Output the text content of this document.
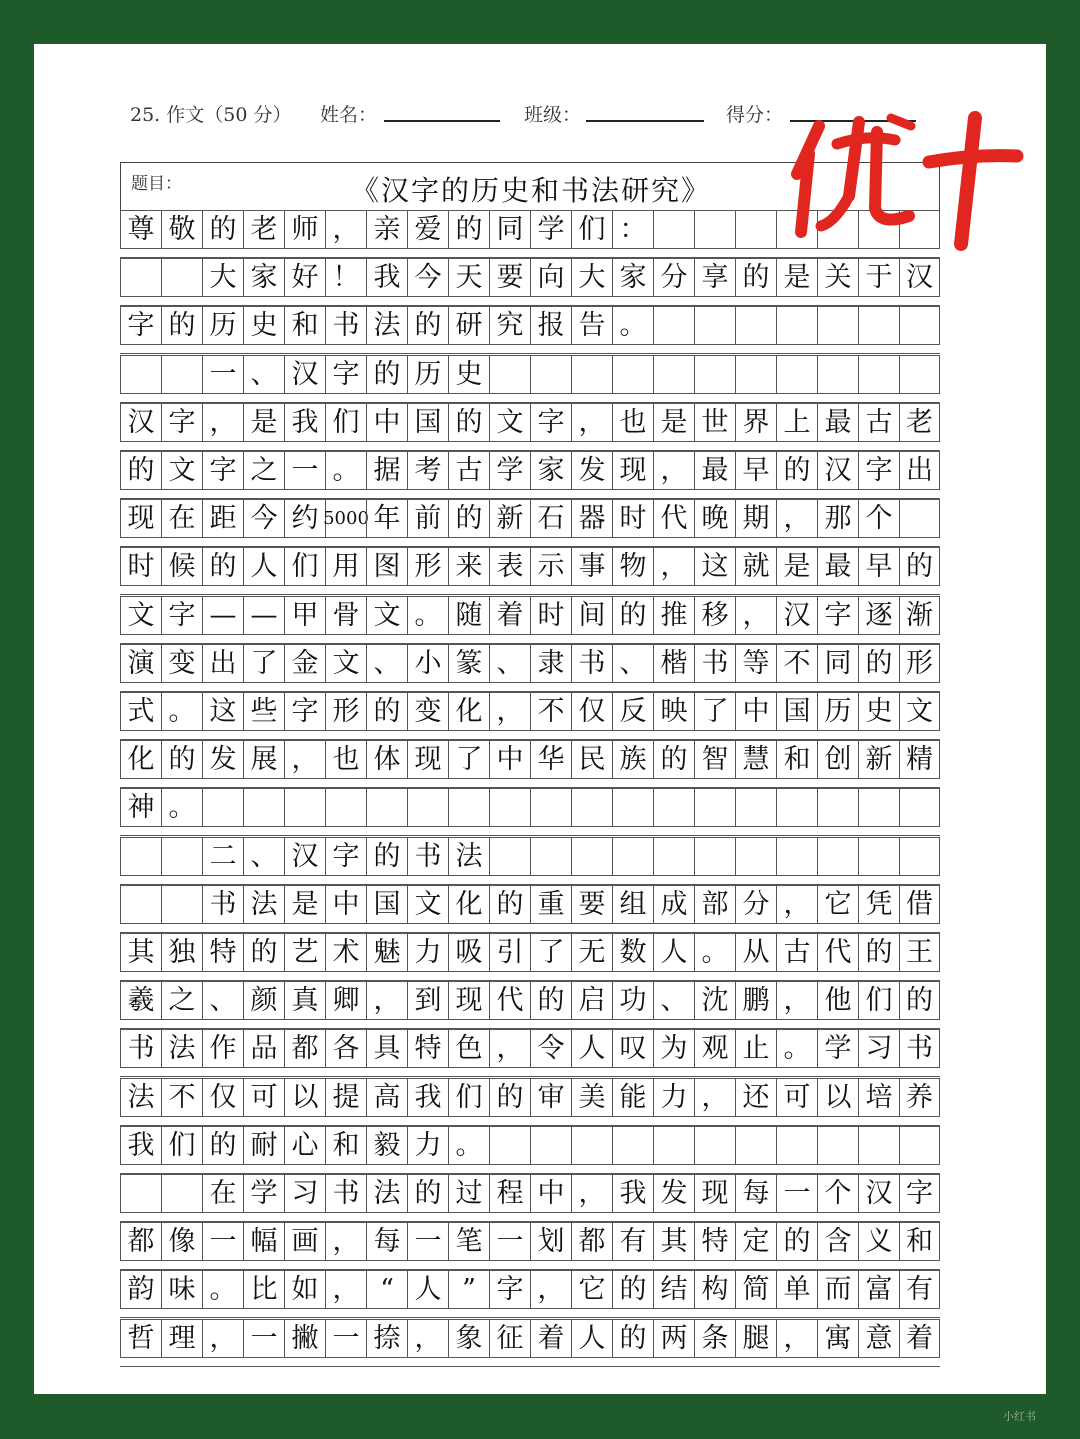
25. 作文（50 分） 姓名：	班级：	得分：
题目：	《汉字的历史和书法研究》
尊 敬 的 老 师 ， 亲 爱 的 同 学 们 ：
大 家 好 ！ 我 今 天 要 向 大 家 分 享 的 是 关 于 汉
字 的 历 史 和 书 法 的 研 究 报 告 。
一 、 汉 字 的 历 史
汉 字 ， 是 我 们 中 国 的 文 字 ， 也 是 世 界 上 最 古 老
的 文 字 之 一 。 据 考 古 学 家 发 现 ， 最 早 的 汉 字 出
现 在 距 今 约 5000 年 前 的 新 石 器 时 代 晚 期 ， 那 个
时 候 的 人 们 用 图 形 来 表 示 事 物 ， 这 就 是 最 早 的
文 字 — — 甲 骨 文 。 随 着 时 间 的 推 移 ， 汉 字 逐 渐
演 变 出 了 金 文 、 小 篆 、 隶 书 、 楷 书 等 不 同 的 形
式 。 这 些 字 形 的 变 化 ， 不 仅 反 映 了 中 国 历 史 文
化 的 发 展 ， 也 体 现 了 中 华 民 族 的 智 慧 和 创 新 精
神 。
二 、 汉 字 的 书 法
书 法 是 中 国 文 化 的 重 要 组 成 部 分 ， 它 凭 借
其 独 特 的 艺 术 魅 力 吸 引 了 无 数 人 。 从 古 代 的 王
羲 之 、 颜 真 卿 ， 到 现 代 的 启 功 、 沈 鹏 ， 他 们 的
书 法 作 品 都 各 具 特 色 ， 令 人 叹 为 观 止 。 学 习 书
法 不 仅 可 以 提 高 我 们 的 审 美 能 力 ， 还 可 以 培 养
我 们 的 耐 心 和 毅 力 。
在 学 习 书 法 的 过 程 中 ， 我 发 现 每 一 个 汉 字
都 像 一 幅 画 ， 每 一 笔 一 划 都 有 其 特 定 的 含 义 和
韵 味 。 比 如 ， “ 人 ” 字 ， 它 的 结 构 简 单 而 富 有
哲 理 ， 一 撇 一 捺 ， 象 征 着 人 的 两 条 腿 ， 寓 意 着
小红书
